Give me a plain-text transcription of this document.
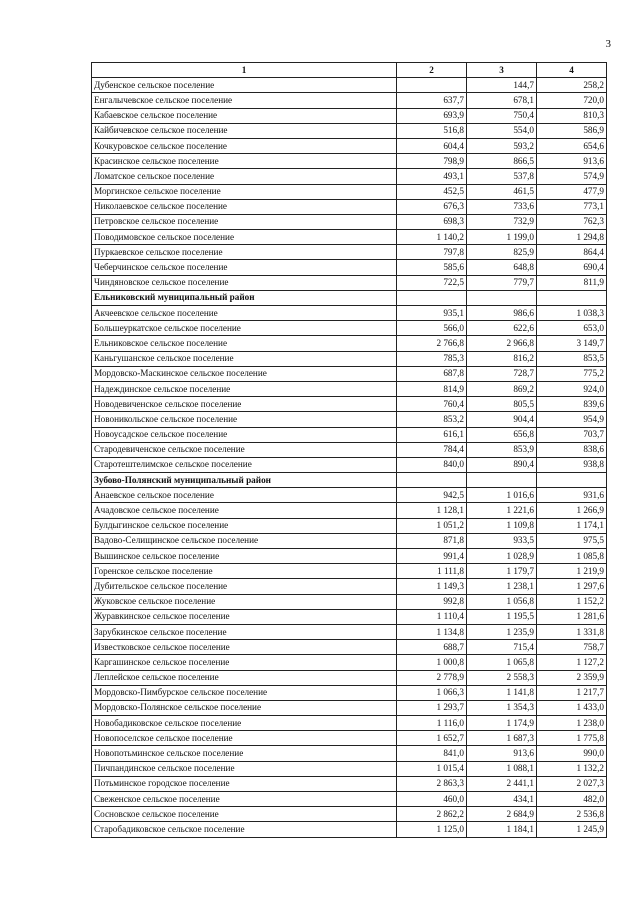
3
1	2	3	4
Дубенское сельское поселение		144,7	258,2
Енгалычевское сельское поселение	637,7	678,1	720,0
Кабаевское сельское поселение	693,9	750,4	810,3
Кайбичевское сельское поселение	516,8	554,0	586,9
Кочкуровское сельское поселение	604,4	593,2	654,6
Красинское сельское поселение	798,9	866,5	913,6
Ломатское сельское поселение	493,1	537,8	574,9
Моргинское сельское поселение	452,5	461,5	477,9
Николаевское сельское поселение	676,3	733,6	773,1
Петровское сельское поселение	698,3	732,9	762,3
Поводимовское сельское поселение	1 140,2	1 199,0	1 294,8
Пуркаевское сельское поселение	797,8	825,9	864,4
Чеберчинское сельское поселение	585,6	648,8	690,4
Чиндяновское сельское поселение	722,5	779,7	811,9
Ельниковский муниципальный район			
Акчеевское сельское поселение	935,1	986,6	1 038,3
Большеуркатское сельское поселение	566,0	622,6	653,0
Ельниковское сельское поселение	2 766,8	2 966,8	3 149,7
Каньгушанское сельское поселение	785,3	816,2	853,5
Мордовско-Маскинское сельское поселение	687,8	728,7	775,2
Надеждинское сельское поселение	814,9	869,2	924,0
Новодевиченское сельское поселение	760,4	805,5	839,6
Новоникольское сельское поселение	853,2	904,4	954,9
Новоусадское сельское поселение	616,1	656,8	703,7
Стародевиченское сельское поселение	784,4	853,9	838,6
Старотештелимское сельское поселение	840,0	890,4	938,8
Зубово-Полянский муниципальный район			
Анаевское сельское поселение	942,5	1 016,6	931,6
Ачадовское сельское поселение	1 128,1	1 221,6	1 266,9
Булдыгинское сельское поселение	1 051,2	1 109,8	1 174,1
Вадово-Селищинское сельское поселение	871,8	933,5	975,5
Вышинское сельское поселение	991,4	1 028,9	1 085,8
Горенское сельское поселение	1 111,8	1 179,7	1 219,9
Дубительское сельское поселение	1 149,3	1 238,1	1 297,6
Жуковское сельское поселение	992,8	1 056,8	1 152,2
Журавкинское сельское поселение	1 110,4	1 195,5	1 281,6
Зарубкинское сельское поселение	1 134,8	1 235,9	1 331,8
Известковское сельское поселение	688,7	715,4	758,7
Каргашинское сельское поселение	1 000,8	1 065,8	1 127,2
Леплейское сельское поселение	2 778,9	2 558,3	2 359,9
Мордовско-Пимбурское сельское поселение	1 066,3	1 141,8	1 217,7
Мордовско-Полянское сельское поселение	1 293,7	1 354,3	1 433,0
Новобадиковское сельское поселение	1 116,0	1 174,9	1 238,0
Новопоселское сельское поселение	1 652,7	1 687,3	1 775,8
Новопотьминское сельское поселение	841,0	913,6	990,0
Пичпандинское сельское поселение	1 015,4	1 088,1	1 132,2
Потьминское городское поселение	2 863,3	2 441,1	2 027,3
Свеженское сельское поселение	460,0	434,1	482,0
Сосновское сельское поселение	2 862,2	2 684,9	2 536,8
Старобадиковское сельское поселение	1 125,0	1 184,1	1 245,9
